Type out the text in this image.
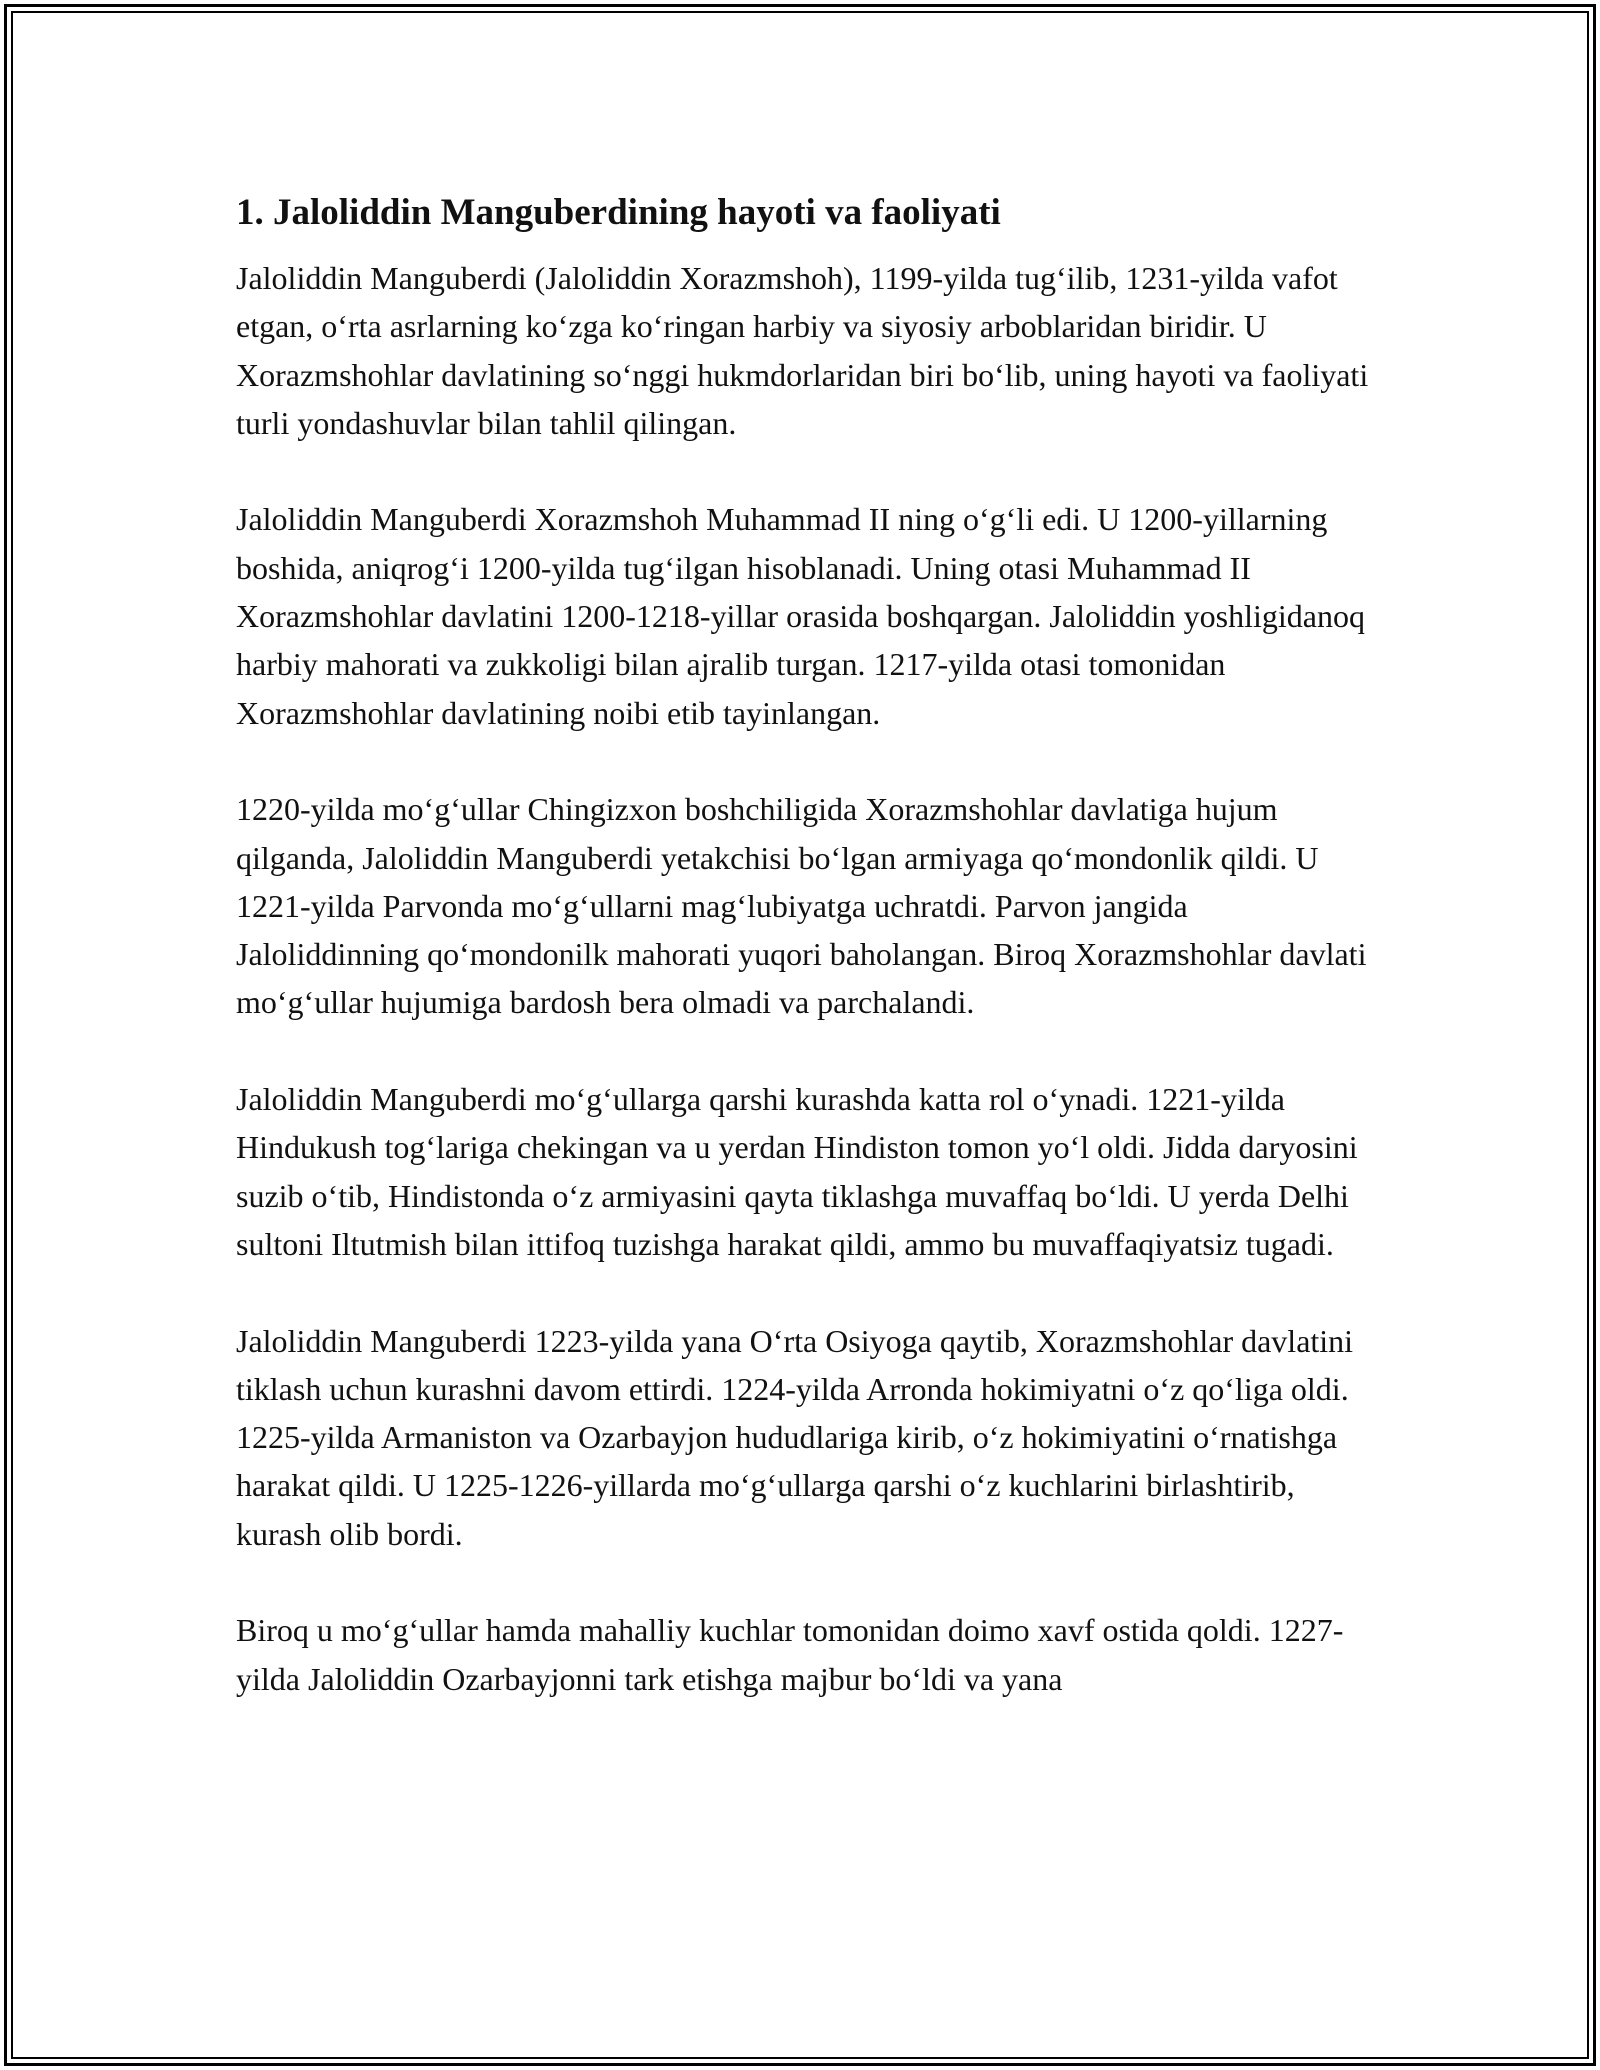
1. Jaloliddin Manguberdining hayoti va faoliyati

Jaloliddin Manguberdi (Jaloliddin Xorazmshoh), 1199-yilda tug‘ilib, 1231-yilda vafot etgan, o‘rta asrlarning ko‘zga ko‘ringan harbiy va siyosiy arboblaridan biridir. U Xorazmshohlar davlatining so‘nggi hukmdorlaridan biri bo‘lib, uning hayoti va faoliyati turli yondashuvlar bilan tahlil qilingan.

Jaloliddin Manguberdi Xorazmshoh Muhammad II ning o‘g‘li edi. U 1200-yillarning boshida, aniqrog‘i 1200-yilda tug‘ilgan hisoblanadi. Uning otasi Muhammad II Xorazmshohlar davlatini 1200-1218-yillar orasida boshqargan. Jaloliddin yoshligidanoq harbiy mahorati va zukkoligi bilan ajralib turgan. 1217-yilda otasi tomonidan Xorazmshohlar davlatining noibi etib tayinlangan.

1220-yilda mo‘g‘ullar Chingizxon boshchiligida Xorazmshohlar davlatiga hujum qilganda, Jaloliddin Manguberdi yetakchisi bo‘lgan armiyaga qo‘mondonlik qildi. U 1221-yilda Parvonda mo‘g‘ullarni mag‘lubiyatga uchratdi. Parvon jangida Jaloliddinning qo‘mondonilk mahorati yuqori baholangan. Biroq Xorazmshohlar davlati mo‘g‘ullar hujumiga bardosh bera olmadi va parchalandi.

Jaloliddin Manguberdi mo‘g‘ullarga qarshi kurashda katta rol o‘ynadi. 1221-yilda Hindukush tog‘lariga chekingan va u yerdan Hindiston tomon yo‘l oldi. Jidda daryosini suzib o‘tib, Hindistonda o‘z armiyasini qayta tiklashga muvaffaq bo‘ldi. U yerda Delhi sultoni Iltutmish bilan ittifoq tuzishga harakat qildi, ammo bu muvaffaqiyatsiz tugadi.

Jaloliddin Manguberdi 1223-yilda yana O‘rta Osiyoga qaytib, Xorazmshohlar davlatini tiklash uchun kurashni davom ettirdi. 1224-yilda Arronda hokimiyatni o‘z qo‘liga oldi. 1225-yilda Armaniston va Ozarbayjon hududlariga kirib, o‘z hokimiyatini o‘rnatishga harakat qildi. U 1225-1226-yillarda mo‘g‘ullarga qarshi o‘z kuchlarini birlashtirib, kurash olib bordi.

Biroq u mo‘g‘ullar hamda mahalliy kuchlar tomonidan doimo xavf ostida qoldi. 1227-yilda Jaloliddin Ozarbayjonni tark etishga majbur bo‘ldi va yana
